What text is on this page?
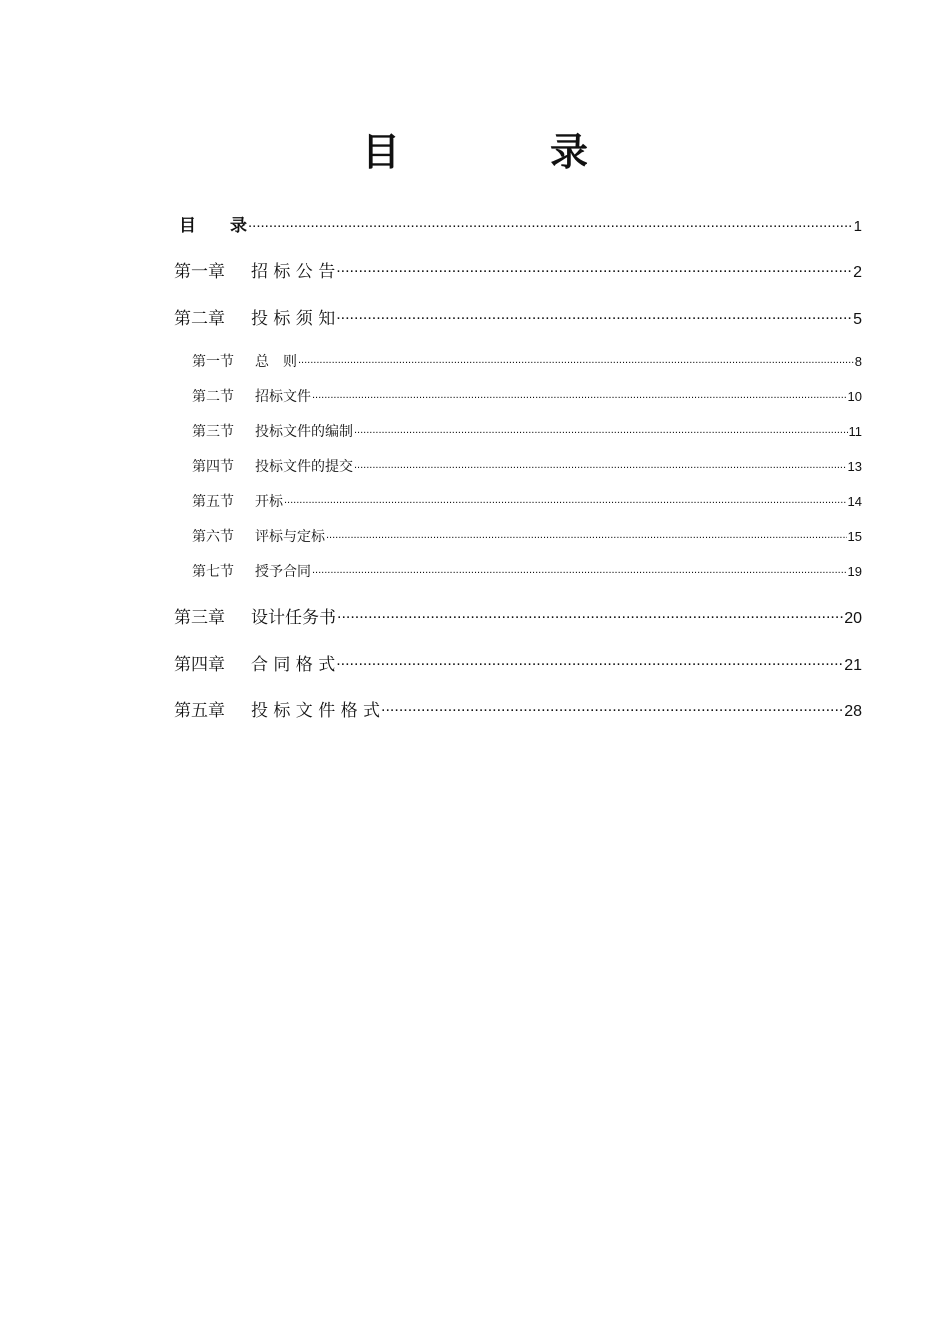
目　录
目　　录 .....	1
第一章 招 标 公 告 .....	2
第二章 投 标 须 知 .....	5
第一节 总　则 .....	8
第二节 招标文件 .....	10
第三节 投标文件的编制 .....	11
第四节 投标文件的提交 .....	13
第五节 开标 .....	14
第六节 评标与定标 .....	15
第七节 授予合同 .....	19
第三章 设计任务书 .....	20
第四章 合 同 格 式 .....	21
第五章 投 标 文 件 格 式 .....	28
